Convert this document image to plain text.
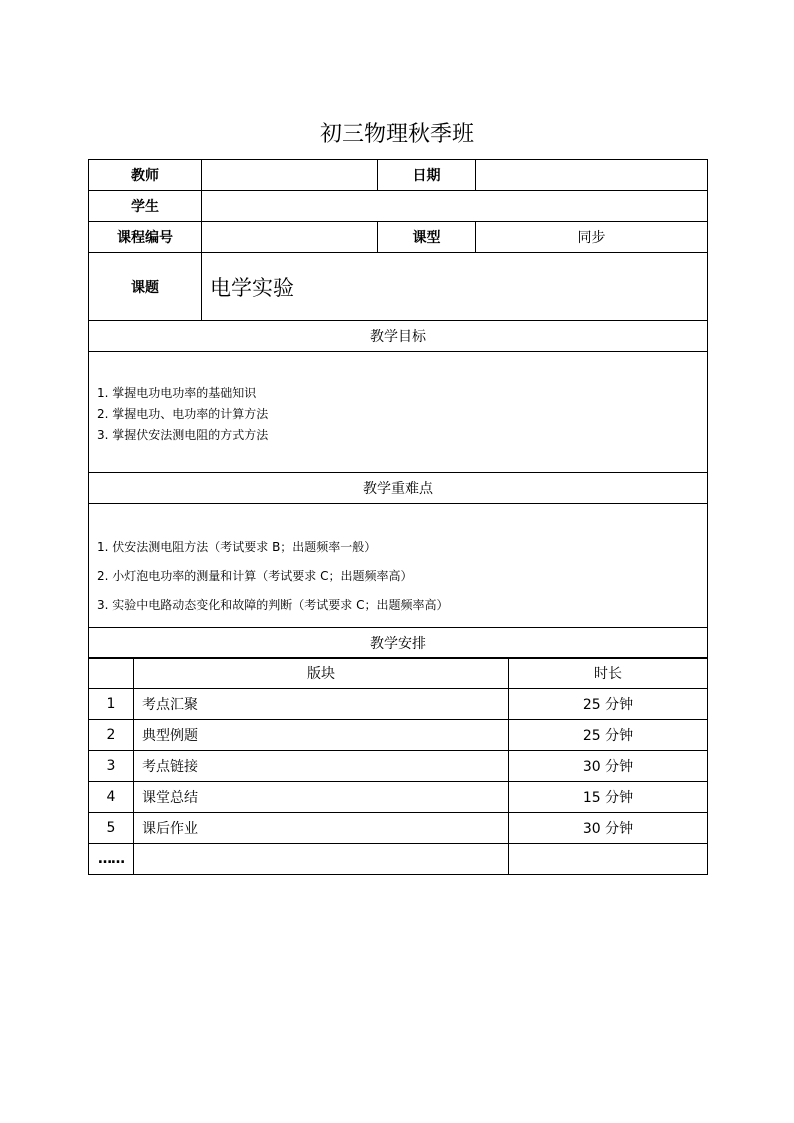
初三物理秋季班
教师		日期	
学生			
课程编号		课型	同步
课题	电学实验		
教学目标			

1. 掌握电功电功率的基础知识
2. 掌握电功、电功率的计算方法
3. 掌握伏安法测电阻的方式方法			

教学重难点			

1. 伏安法测电阻方法（考试要求 B；出题频率一般）
2. 小灯泡电功率的测量和计算（考试要求 C；出题频率高）
3. 实验中电路动态变化和故障的判断（考试要求 C；出题频率高）			

教学安排			
	版块	时长
1	考点汇聚	25 分钟
2	典型例题	25 分钟
3	考点链接	30 分钟
4	课堂总结	15 分钟
5	课后作业	30 分钟
……		
